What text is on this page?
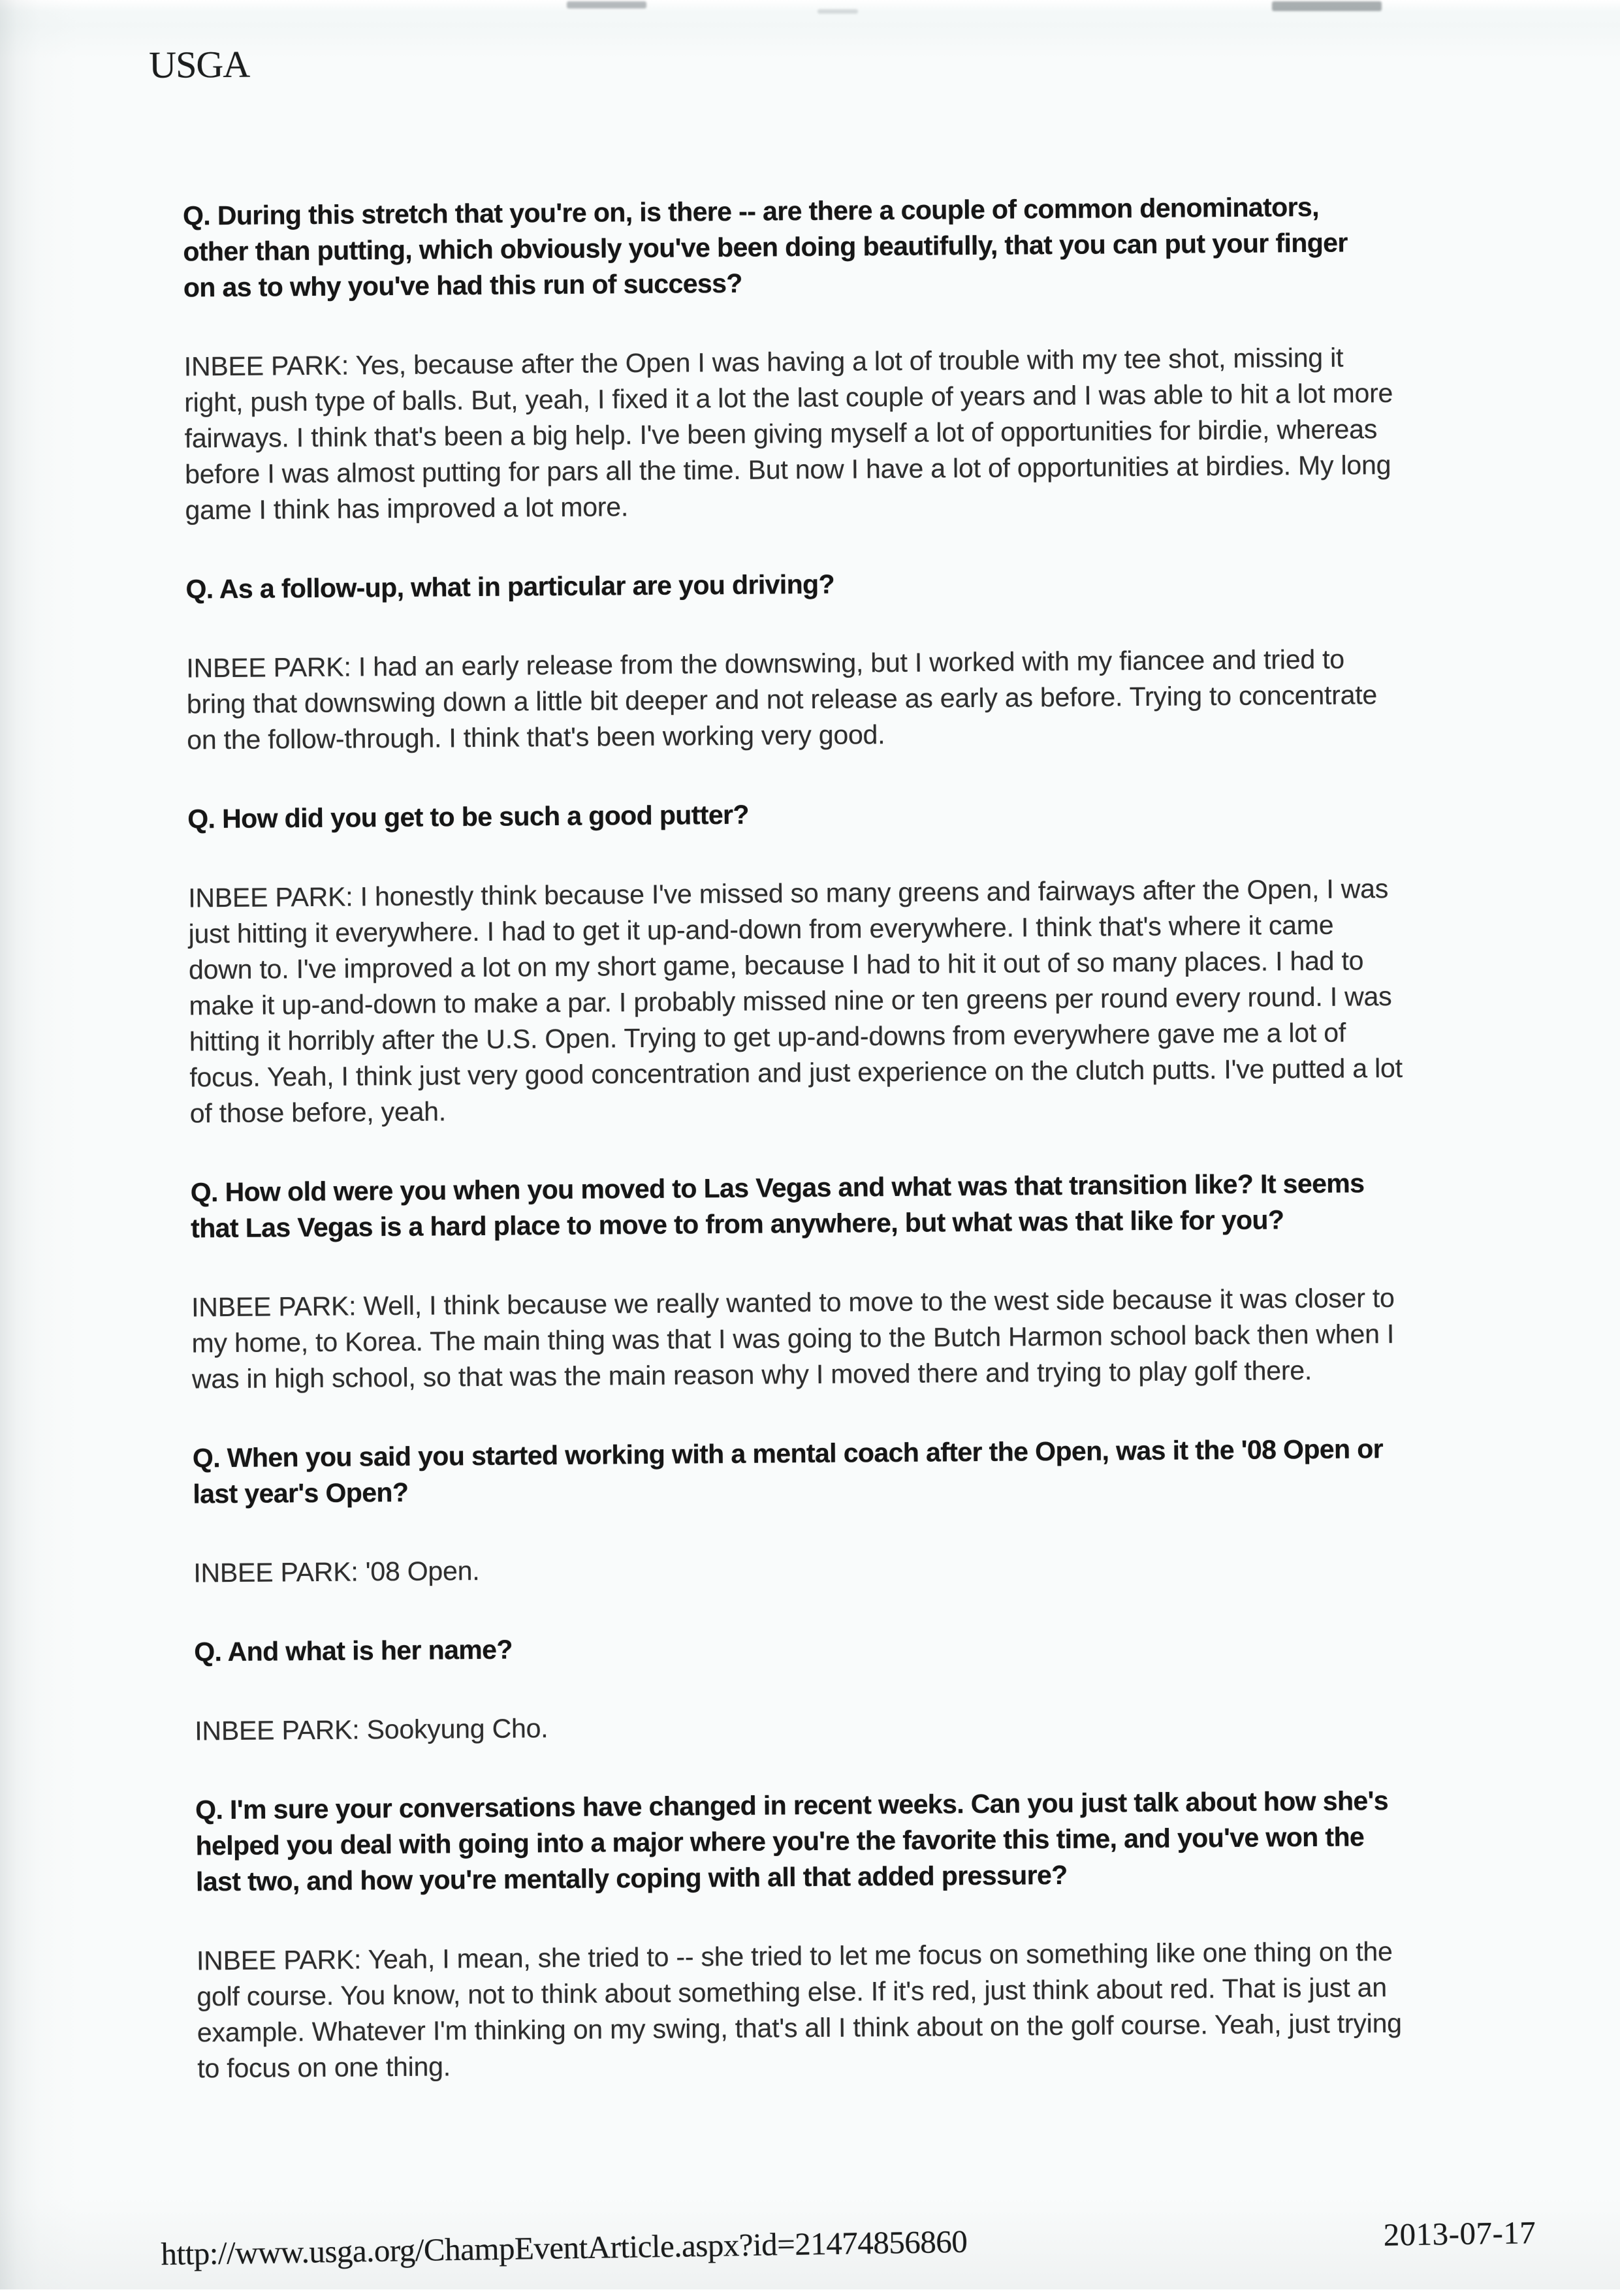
USGA
Q. During this stretch that you're on, is there -- are there a couple of common denominators,
other than putting, which obviously you've been doing beautifully, that you can put your finger
on as to why you've had this run of success?
INBEE PARK: Yes, because after the Open I was having a lot of trouble with my tee shot, missing it
right, push type of balls. But, yeah, I fixed it a lot the last couple of years and I was able to hit a lot more
fairways. I think that's been a big help. I've been giving myself a lot of opportunities for birdie, whereas
before I was almost putting for pars all the time. But now I have a lot of opportunities at birdies. My long
game I think has improved a lot more.
Q. As a follow-up, what in particular are you driving?
INBEE PARK: I had an early release from the downswing, but I worked with my fiancee and tried to
bring that downswing down a little bit deeper and not release as early as before. Trying to concentrate
on the follow-through. I think that's been working very good.
Q. How did you get to be such a good putter?
INBEE PARK: I honestly think because I've missed so many greens and fairways after the Open, I was
just hitting it everywhere. I had to get it up-and-down from everywhere. I think that's where it came
down to. I've improved a lot on my short game, because I had to hit it out of so many places. I had to
make it up-and-down to make a par. I probably missed nine or ten greens per round every round. I was
hitting it horribly after the U.S. Open. Trying to get up-and-downs from everywhere gave me a lot of
focus. Yeah, I think just very good concentration and just experience on the clutch putts. I've putted a lot
of those before, yeah.
Q. How old were you when you moved to Las Vegas and what was that transition like? It seems
that Las Vegas is a hard place to move to from anywhere, but what was that like for you?
INBEE PARK: Well, I think because we really wanted to move to the west side because it was closer to
my home, to Korea. The main thing was that I was going to the Butch Harmon school back then when I
was in high school, so that was the main reason why I moved there and trying to play golf there.
Q. When you said you started working with a mental coach after the Open, was it the '08 Open or
last year's Open?
INBEE PARK: '08 Open.
Q. And what is her name?
INBEE PARK: Sookyung Cho.
Q. I'm sure your conversations have changed in recent weeks. Can you just talk about how she's
helped you deal with going into a major where you're the favorite this time, and you've won the
last two, and how you're mentally coping with all that added pressure?
INBEE PARK: Yeah, I mean, she tried to -- she tried to let me focus on something like one thing on the
golf course. You know, not to think about something else. If it's red, just think about red. That is just an
example. Whatever I'm thinking on my swing, that's all I think about on the golf course. Yeah, just trying
to focus on one thing.
http://www.usga.org/ChampEventArticle.aspx?id=21474856860	2013-07-17
